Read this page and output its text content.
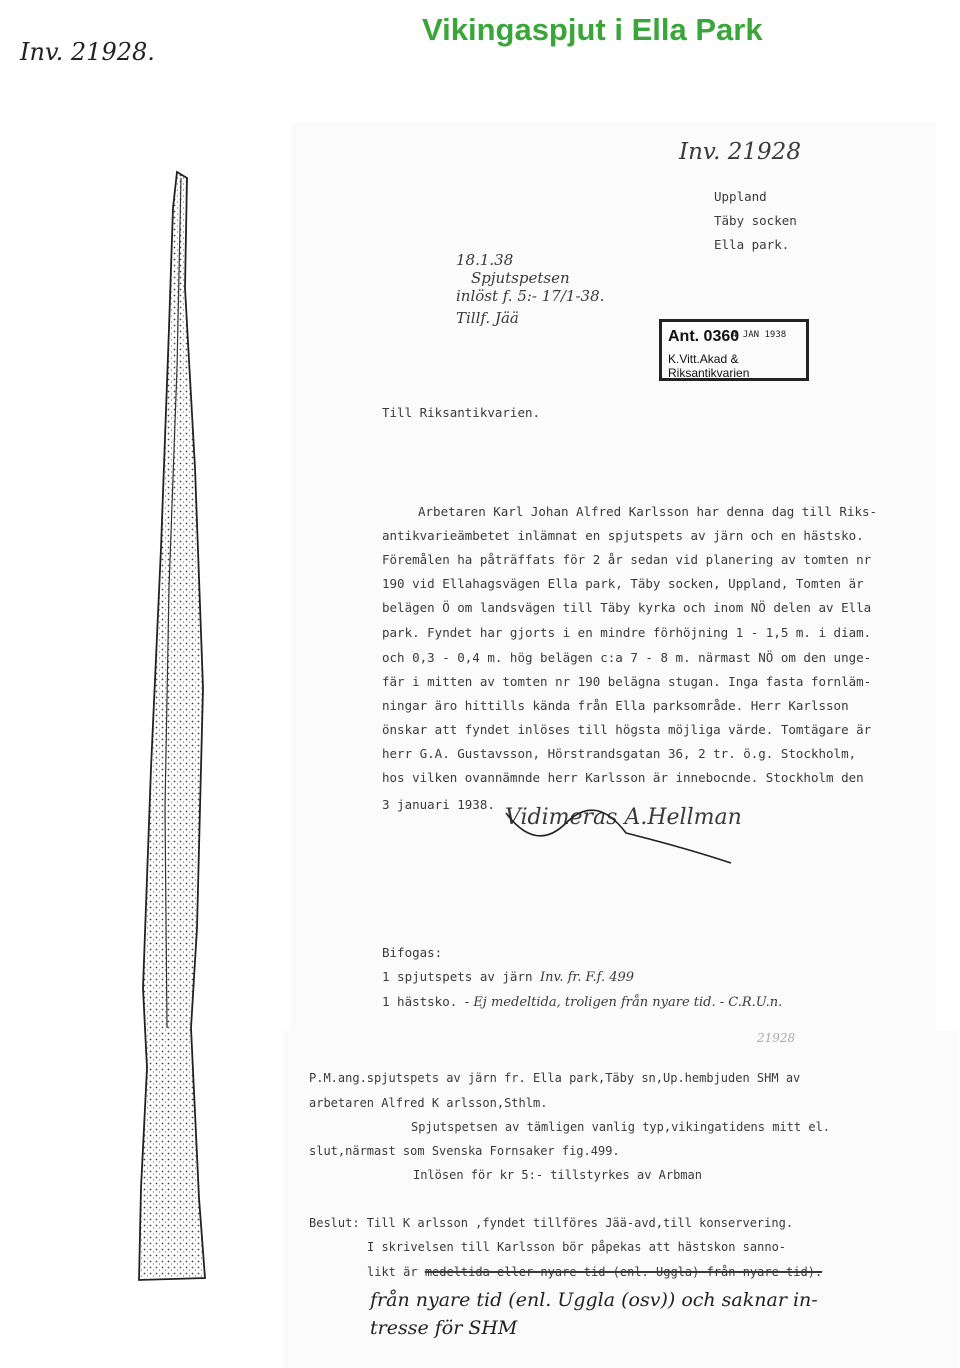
Vikingaspjut i Ella Park
Inv. 21928.
Inv. 21928
Uppland
Täby socken
Ella park.
18.1.38
Spjutspetsen
inlöst f. 5:- 17/1-38.
Tillf. Jää
Ant. 0360
4 JAN 1938
K.Vitt.Akad & Riksantikvarien
Till Riksantikvarien.
Arbetaren Karl Johan Alfred Karlsson har denna dag till Riks-
antikvarieämbetet inlämnat en spjutspets av järn och en hästsko.
Föremålen ha påträffats för 2 år sedan vid planering av tomten nr
190 vid Ellahagsvägen Ella park, Täby socken, Uppland, Tomten är
belägen Ö om landsvägen till Täby kyrka och inom NÖ delen av Ella
park. Fyndet har gjorts i en mindre förhöjning 1 - 1,5 m. i diam.
och 0,3 - 0,4 m. hög belägen c:a 7 - 8 m. närmast NÖ om den unge-
fär i mitten av tomten nr 190 belägna stugan. Inga fasta fornläm-
ningar äro hittills kända från Ella parksområde. Herr Karlsson
önskar att fyndet inlöses till högsta möjliga värde. Tomtägare är
herr G.A. Gustavsson, Hörstrandsgatan 36, 2 tr. ö.g. Stockholm,
hos vilken ovannämnde herr Karlsson är innebocnde. Stockholm den
3 januari 1938.
Vidimeras A.Hellman
Bifogas:
1 spjutspets av järn Inv. fr. F.f. 499
1 hästsko. - Ej medeltida, troligen från nyare tid. - C.R.U.n.
21928
P.M.ang.spjutspets av järn fr. Ella park,Täby sn,Up.hembjuden SHM av
arbetaren Alfred K arlsson,Sthlm.
Spjutspetsen av tämligen vanlig typ,vikingatidens mitt el.
slut,närmast som Svenska Fornsaker fig.499.
Inlösen för kr 5:- tillstyrkes av Arbman
Beslut: Till K arlsson ,fyndet tillföres Jää-avd,till konservering.
I skrivelsen till Karlsson bör påpekas att hästskon sanno-
likt är medeltida eller nyare tid (enl. Uggla) från nyare tid).
från nyare tid (enl. Uggla (osv)) och saknar in-
tresse för SHM
